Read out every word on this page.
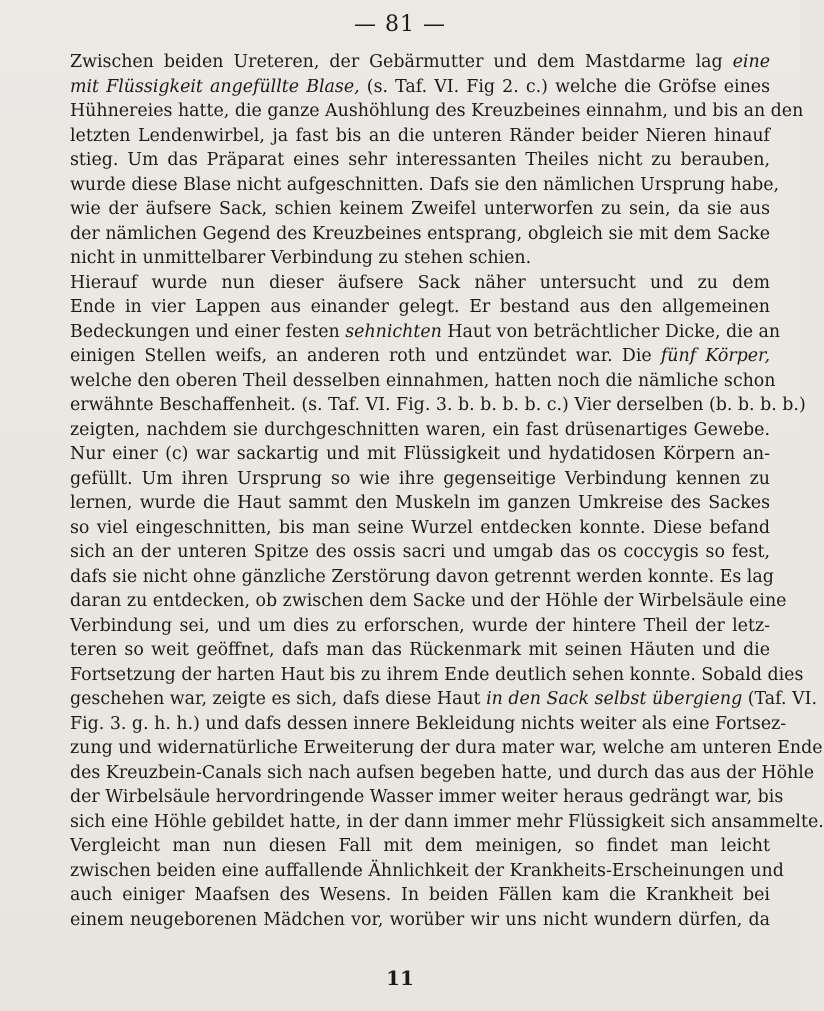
— 81 —

Zwischen beiden Ureteren, der Gebärmutter und dem Mastdarme lag eine
mit Flüssigkeit angefüllte Blase, (s. Taf. VI. Fig 2. c.) welche die Gröfse eines
Hühnereies hatte, die ganze Aushöhlung des Kreuzbeines einnahm, und bis an den
letzten Lendenwirbel, ja fast bis an die unteren Ränder beider Nieren hinauf
stieg. Um das Präparat eines sehr interessanten Theiles nicht zu berauben,
wurde diese Blase nicht aufgeschnitten. Dafs sie den nämlichen Ursprung habe,
wie der äufsere Sack, schien keinem Zweifel unterworfen zu sein, da sie aus
der nämlichen Gegend des Kreuzbeines entsprang, obgleich sie mit dem Sacke
nicht in unmittelbarer Verbindung zu stehen schien.

Hierauf wurde nun dieser äufsere Sack näher untersucht und zu dem
Ende in vier Lappen aus einander gelegt. Er bestand aus den allgemeinen
Bedeckungen und einer festen sehnichten Haut von beträchtlicher Dicke, die an
einigen Stellen weifs, an anderen roth und entzündet war. Die fünf Körper,
welche den oberen Theil desselben einnahmen, hatten noch die nämliche schon
erwähnte Beschaffenheit. (s. Taf. VI. Fig. 3. b. b. b. b. c.) Vier derselben (b. b. b. b.)
zeigten, nachdem sie durchgeschnitten waren, ein fast drüsenartiges Gewebe.
Nur einer (c) war sackartig und mit Flüssigkeit und hydatidosen Körpern an-
gefüllt. Um ihren Ursprung so wie ihre gegenseitige Verbindung kennen zu
lernen, wurde die Haut sammt den Muskeln im ganzen Umkreise des Sackes
so viel eingeschnitten, bis man seine Wurzel entdecken konnte. Diese befand
sich an der unteren Spitze des ossis sacri und umgab das os coccygis so fest,
dafs sie nicht ohne gänzliche Zerstörung davon getrennt werden konnte. Es lag
daran zu entdecken, ob zwischen dem Sacke und der Höhle der Wirbelsäule eine
Verbindung sei, und um dies zu erforschen, wurde der hintere Theil der letz-
teren so weit geöffnet, dafs man das Rückenmark mit seinen Häuten und die
Fortsetzung der harten Haut bis zu ihrem Ende deutlich sehen konnte. Sobald dies
geschehen war, zeigte es sich, dafs diese Haut in den Sack selbst übergieng (Taf. VI.
Fig. 3. g. h. h.) und dafs dessen innere Bekleidung nichts weiter als eine Fortsez-
zung und widernatürliche Erweiterung der dura mater war, welche am unteren Ende
des Kreuzbein-Canals sich nach aufsen begeben hatte, und durch das aus der Höhle
der Wirbelsäule hervordringende Wasser immer weiter heraus gedrängt war, bis
sich eine Höhle gebildet hatte, in der dann immer mehr Flüssigkeit sich ansammelte.

Vergleicht man nun diesen Fall mit dem meinigen, so findet man leicht
zwischen beiden eine auffallende Ähnlichkeit der Krankheits-Erscheinungen und
auch einiger Maafsen des Wesens. In beiden Fällen kam die Krankheit bei
einem neugeborenen Mädchen vor, worüber wir uns nicht wundern dürfen, da

11
